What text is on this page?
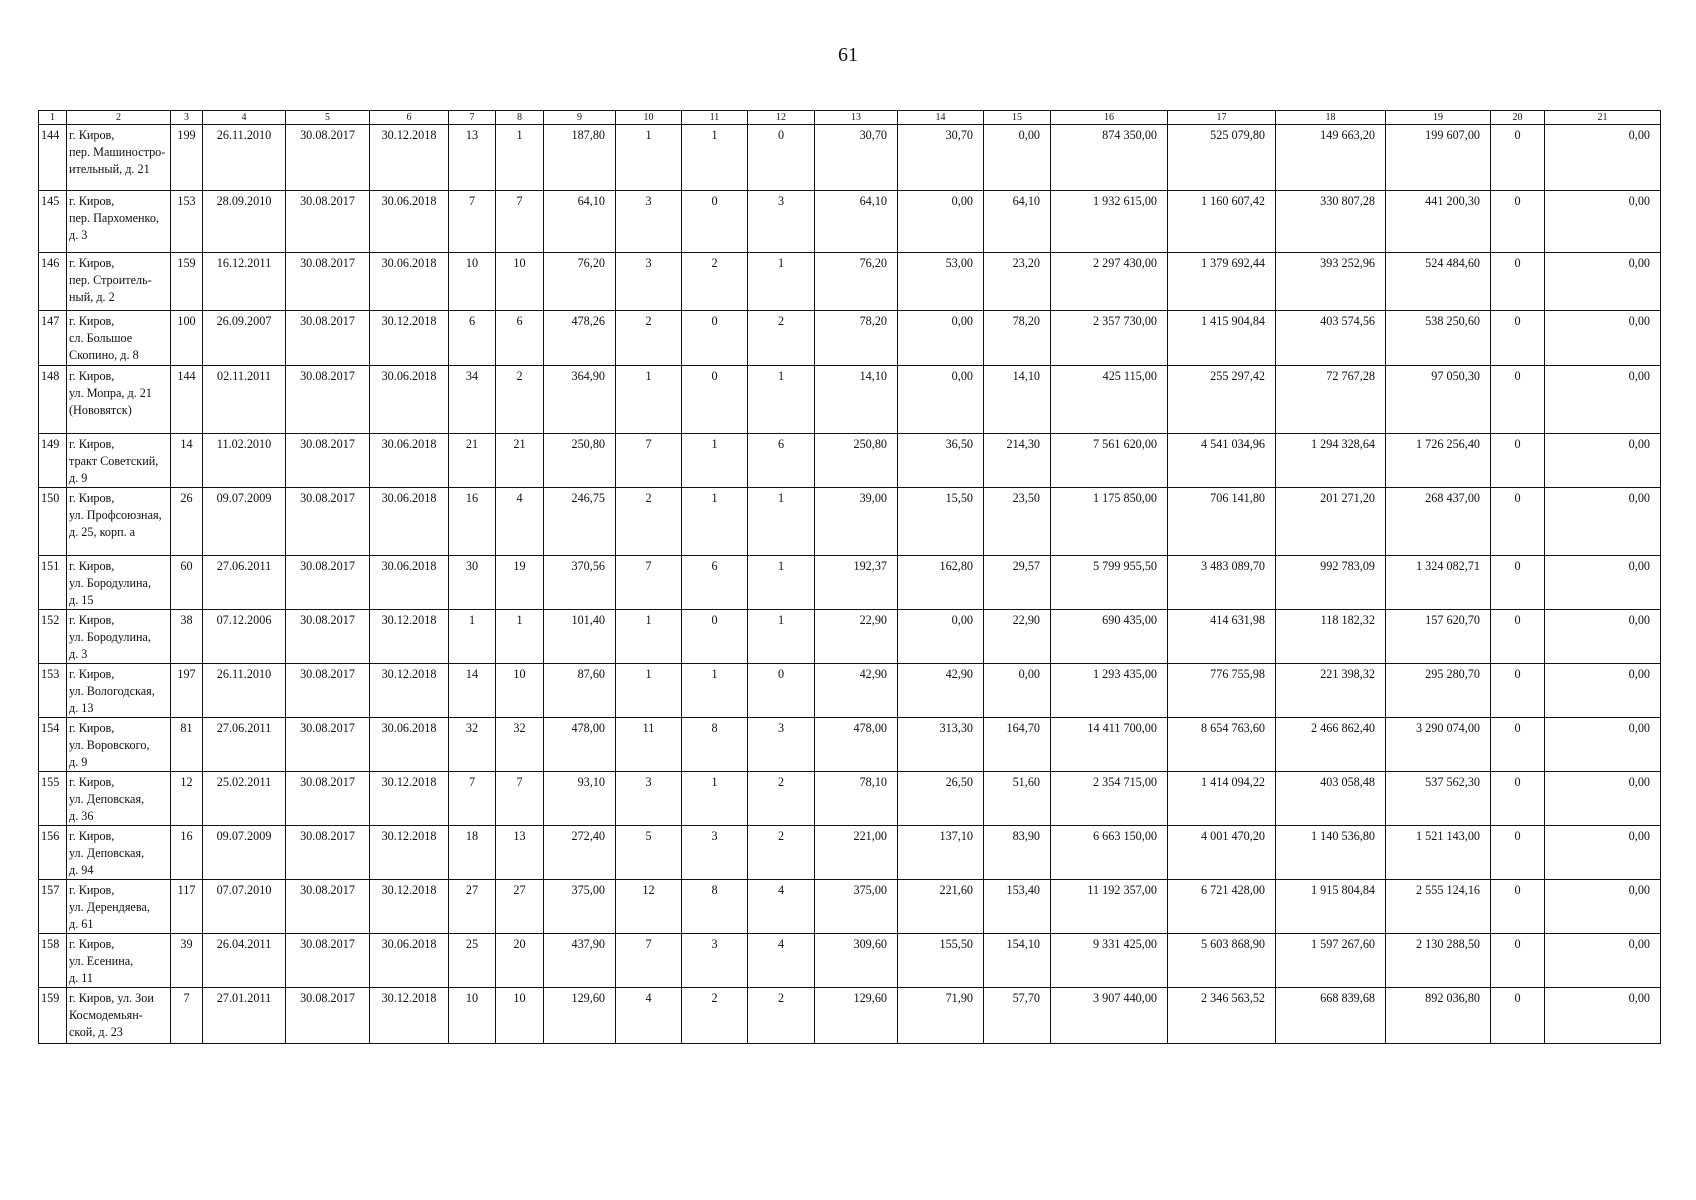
61
1	2	3	4	5	6	7	8	9	10	11	12	13	14	15	16	17	18	19	20	21
144	г. Киров,
пер. Машиностро-
ительный, д. 21	199	26.11.2010	30.08.2017	30.12.2018	13	1	187,80	1	1	0	30,70	30,70	0,00	874 350,00	525 079,80	149 663,20	199 607,00	0	0,00
145	г. Киров,
пер. Пархоменко,
д. 3	153	28.09.2010	30.08.2017	30.06.2018	7	7	64,10	3	0	3	64,10	0,00	64,10	1 932 615,00	1 160 607,42	330 807,28	441 200,30	0	0,00
146	г. Киров,
пер. Строитель-
ный, д. 2	159	16.12.2011	30.08.2017	30.06.2018	10	10	76,20	3	2	1	76,20	53,00	23,20	2 297 430,00	1 379 692,44	393 252,96	524 484,60	0	0,00
147	г. Киров,
сл. Большое
Скопино, д. 8	100	26.09.2007	30.08.2017	30.12.2018	6	6	478,26	2	0	2	78,20	0,00	78,20	2 357 730,00	1 415 904,84	403 574,56	538 250,60	0	0,00
148	г. Киров,
ул. Мопра, д. 21
(Нововятск)	144	02.11.2011	30.08.2017	30.06.2018	34	2	364,90	1	0	1	14,10	0,00	14,10	425 115,00	255 297,42	72 767,28	97 050,30	0	0,00
149	г. Киров,
тракт Советский,
д. 9	14	11.02.2010	30.08.2017	30.06.2018	21	21	250,80	7	1	6	250,80	36,50	214,30	7 561 620,00	4 541 034,96	1 294 328,64	1 726 256,40	0	0,00
150	г. Киров,
ул. Профсоюзная,
д. 25, корп. а	26	09.07.2009	30.08.2017	30.06.2018	16	4	246,75	2	1	1	39,00	15,50	23,50	1 175 850,00	706 141,80	201 271,20	268 437,00	0	0,00
151	г. Киров,
ул. Бородулина,
д. 15	60	27.06.2011	30.08.2017	30.06.2018	30	19	370,56	7	6	1	192,37	162,80	29,57	5 799 955,50	3 483 089,70	992 783,09	1 324 082,71	0	0,00
152	г. Киров,
ул. Бородулина,
д. 3	38	07.12.2006	30.08.2017	30.12.2018	1	1	101,40	1	0	1	22,90	0,00	22,90	690 435,00	414 631,98	118 182,32	157 620,70	0	0,00
153	г. Киров,
ул. Вологодская,
д. 13	197	26.11.2010	30.08.2017	30.12.2018	14	10	87,60	1	1	0	42,90	42,90	0,00	1 293 435,00	776 755,98	221 398,32	295 280,70	0	0,00
154	г. Киров,
ул. Воровского,
д. 9	81	27.06.2011	30.08.2017	30.06.2018	32	32	478,00	11	8	3	478,00	313,30	164,70	14 411 700,00	8 654 763,60	2 466 862,40	3 290 074,00	0	0,00
155	г. Киров,
ул. Деповская,
д. 36	12	25.02.2011	30.08.2017	30.12.2018	7	7	93,10	3	1	2	78,10	26,50	51,60	2 354 715,00	1 414 094,22	403 058,48	537 562,30	0	0,00
156	г. Киров,
ул. Деповская,
д. 94	16	09.07.2009	30.08.2017	30.12.2018	18	13	272,40	5	3	2	221,00	137,10	83,90	6 663 150,00	4 001 470,20	1 140 536,80	1 521 143,00	0	0,00
157	г. Киров,
ул. Дерендяева,
д. 61	117	07.07.2010	30.08.2017	30.12.2018	27	27	375,00	12	8	4	375,00	221,60	153,40	11 192 357,00	6 721 428,00	1 915 804,84	2 555 124,16	0	0,00
158	г. Киров,
ул. Есенина,
д. 11	39	26.04.2011	30.08.2017	30.06.2018	25	20	437,90	7	3	4	309,60	155,50	154,10	9 331 425,00	5 603 868,90	1 597 267,60	2 130 288,50	0	0,00
159	г. Киров, ул. Зои
Космодемьян-
ской, д. 23	7	27.01.2011	30.08.2017	30.12.2018	10	10	129,60	4	2	2	129,60	71,90	57,70	3 907 440,00	2 346 563,52	668 839,68	892 036,80	0	0,00
